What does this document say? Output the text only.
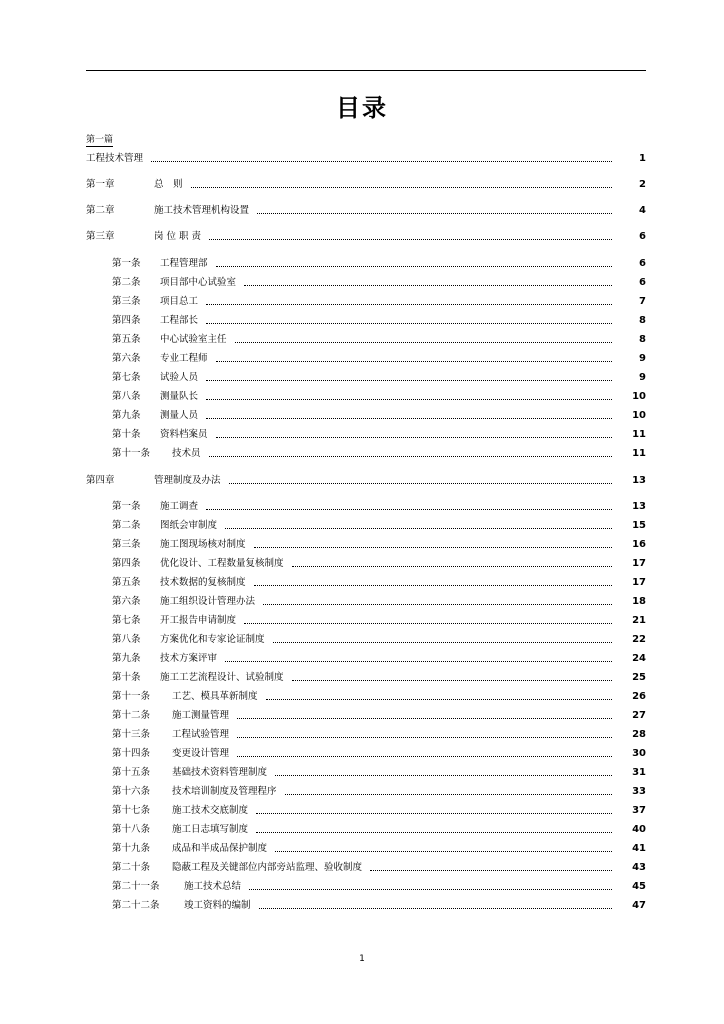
目录
第一篇
工程技术管理	1
第一章	总　则	2
第二章	施工技术管理机构设置	4
第三章	岗 位 职 责	6
第一条	工程管理部	6
第二条	项目部中心试验室	6
第三条	项目总工	7
第四条	工程部长	8
第五条	中心试验室主任	8
第六条	专业工程师	9
第七条	试验人员	9
第八条	测量队长	10
第九条	测量人员	10
第十条	资料档案员	11
第十一条	技术员	11
第四章	管理制度及办法	13
第一条	施工调查	13
第二条	图纸会审制度	15
第三条	施工图现场核对制度	16
第四条	优化设计、工程数量复核制度	17
第五条	技术数据的复核制度	17
第六条	施工组织设计管理办法	18
第七条	开工报告申请制度	21
第八条	方案优化和专家论证制度	22
第九条	技术方案评审	24
第十条	施工工艺流程设计、试验制度	25
第十一条	工艺、模具革新制度	26
第十二条	施工测量管理	27
第十三条	工程试验管理	28
第十四条	变更设计管理	30
第十五条	基础技术资料管理制度	31
第十六条	技术培训制度及管理程序	33
第十七条	施工技术交底制度	37
第十八条	施工日志填写制度	40
第十九条	成品和半成品保护制度	41
第二十条	隐蔽工程及关键部位内部旁站监理、验收制度	43
第二十一条	施工技术总结	45
第二十二条	竣工资料的编制	47
1
